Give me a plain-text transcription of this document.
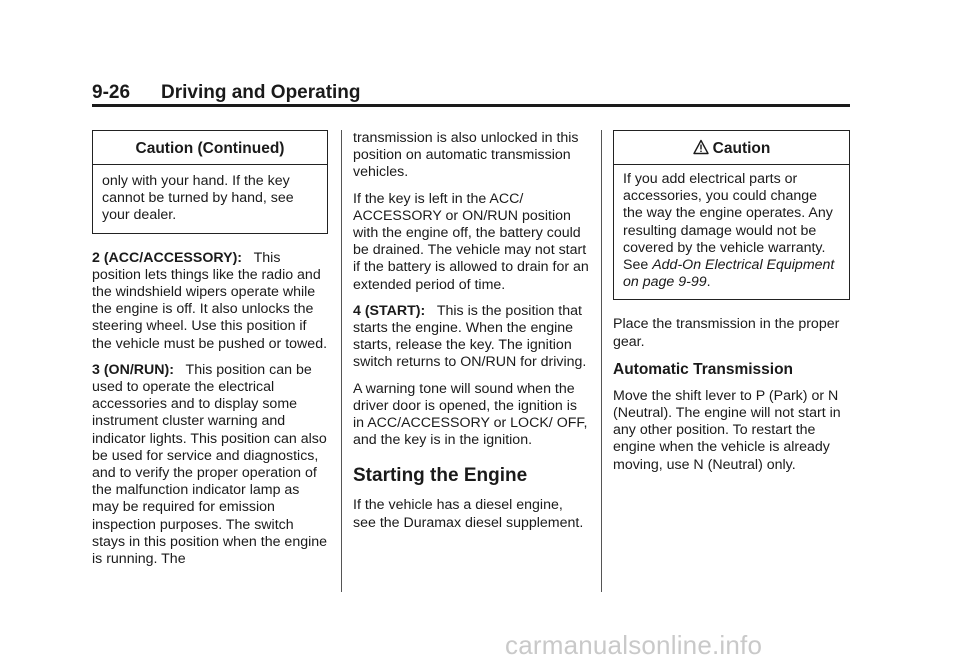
9-26 Driving and Operating
Caution (Continued)

only with your hand. If the key cannot be turned by hand, see your dealer.

2 (ACC/ACCESSORY): This position lets things like the radio and the windshield wipers operate while the engine is off. It also unlocks the steering wheel. Use this position if the vehicle must be pushed or towed.

3 (ON/RUN): This position can be used to operate the electrical accessories and to display some instrument cluster warning and indicator lights. This position can also be used for service and diagnostics, and to verify the proper operation of the malfunction indicator lamp as may be required for emission inspection purposes. The switch stays in this position when the engine is running. The

transmission is also unlocked in this position on automatic transmission vehicles.

If the key is left in the ACC/ ACCESSORY or ON/RUN position with the engine off, the battery could be drained. The vehicle may not start if the battery is allowed to drain for an extended period of time.

4 (START): This is the position that starts the engine. When the engine starts, release the key. The ignition switch returns to ON/RUN for driving.

A warning tone will sound when the driver door is opened, the ignition is in ACC/ACCESSORY or LOCK/ OFF, and the key is in the ignition.

Starting the Engine

If the vehicle has a diesel engine, see the Duramax diesel supplement.

Caution

If you add electrical parts or accessories, you could change the way the engine operates. Any resulting damage would not be covered by the vehicle warranty. See Add-On Electrical Equipment on page 9-99.

Place the transmission in the proper gear.

Automatic Transmission

Move the shift lever to P (Park) or N (Neutral). The engine will not start in any other position. To restart the engine when the vehicle is already moving, use N (Neutral) only.

carmanualsonline.info
